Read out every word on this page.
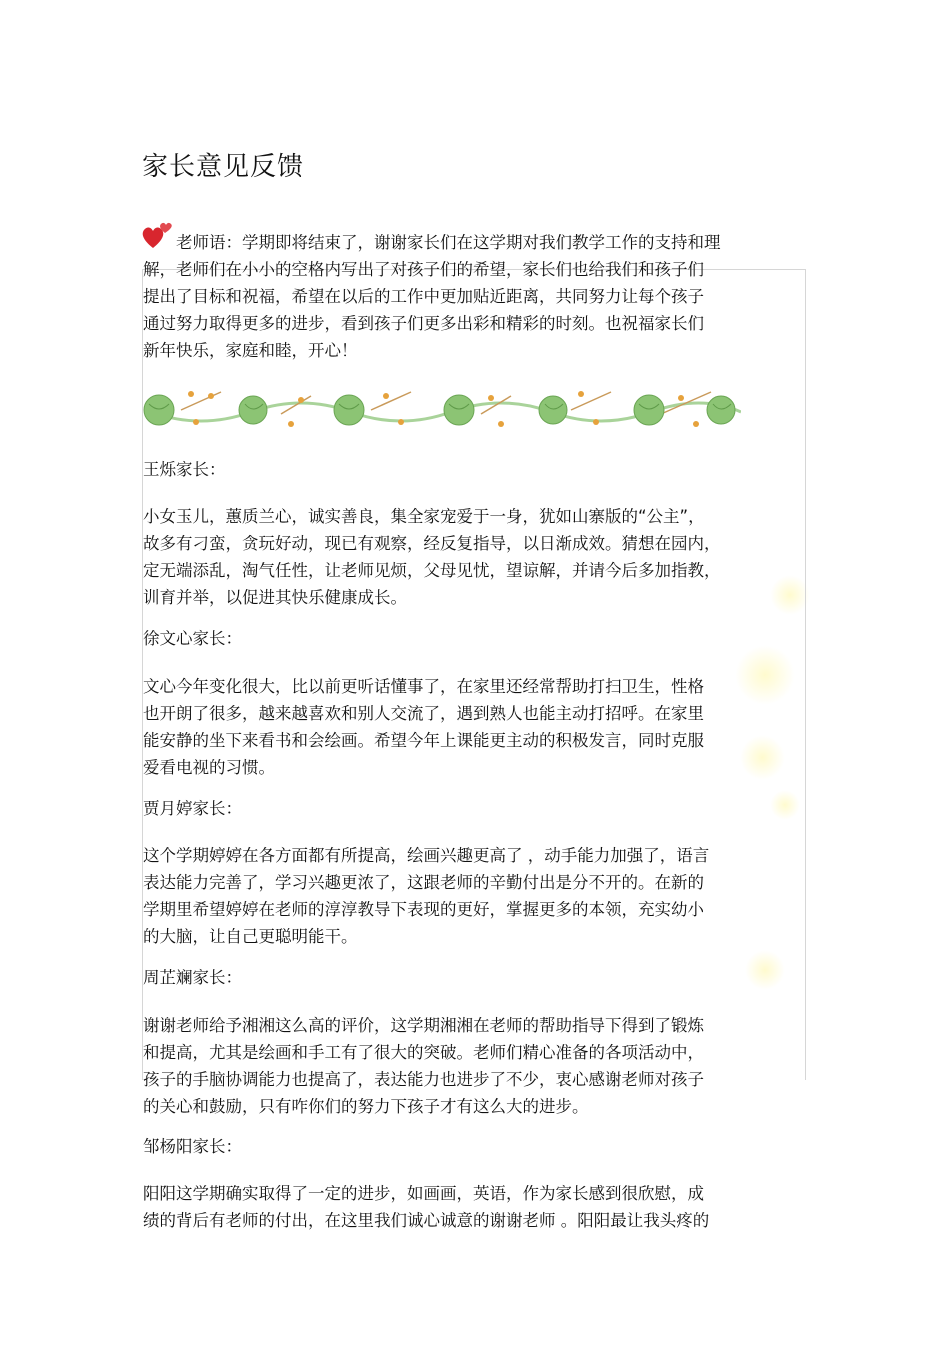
家长意见反馈
老师语：学期即将结束了，谢谢家长们在这学期对我们教学工作的支持和理
解，老师们在小小的空格内写出了对孩子们的希望，家长们也给我们和孩子们
提出了目标和祝福，希望在以后的工作中更加贴近距离，共同努力让每个孩子
通过努力取得更多的进步，看到孩子们更多出彩和精彩的时刻。也祝福家长们
新年快乐，家庭和睦，开心！

王烁家长：

小女玉儿，蕙质兰心，诚实善良，集全家宠爱于一身，犹如山寨版的“公主”，
故多有刁蛮，贪玩好动，现已有观察，经反复指导，以日渐成效。猜想在园内，
定无端添乱，淘气任性，让老师见烦，父母见忧，望谅解，并请今后多加指教，
训育并举，以促进其快乐健康成长。

徐文心家长：

文心今年变化很大，比以前更听话懂事了，在家里还经常帮助打扫卫生，性格
也开朗了很多，越来越喜欢和别人交流了，遇到熟人也能主动打招呼。在家里
能安静的坐下来看书和会绘画。希望今年上课能更主动的积极发言，同时克服
爱看电视的习惯。

贾月婷家长：

这个学期婷婷在各方面都有所提高，绘画兴趣更高了 ，动手能力加强了，语言
表达能力完善了，学习兴趣更浓了，这跟老师的辛勤付出是分不开的。在新的
学期里希望婷婷在老师的淳淳教导下表现的更好，掌握更多的本领，充实幼小
的大脑，让自己更聪明能干。

周芷斓家长：

谢谢老师给予湘湘这么高的评价，这学期湘湘在老师的帮助指导下得到了锻炼
和提高，尤其是绘画和手工有了很大的突破。老师们精心准备的各项活动中，
孩子的手脑协调能力也提高了，表达能力也进步了不少，衷心感谢老师对孩子
的关心和鼓励，只有咋你们的努力下孩子才有这么大的进步。

邹杨阳家长：

阳阳这学期确实取得了一定的进步，如画画，英语，作为家长感到很欣慰，成
绩的背后有老师的付出，在这里我们诚心诚意的谢谢老师 。阳阳最让我头疼的
